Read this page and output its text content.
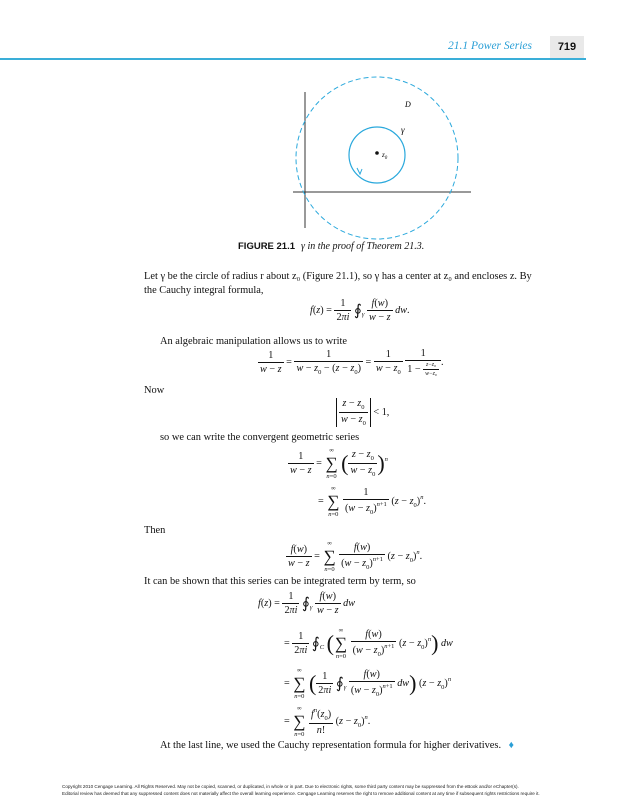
21.1 Power Series	719
D
γ
$z_0$
FIGURE 21.1 γ in the proof of Theorem 21.3.
Let γ be the circle of radius r about z₀ (Figure 21.1), so γ has a center at z₀ and encloses z. By
the Cauchy integral formula,
$f(z) = \frac{1}{2\pi i}$ $∮_\gamma \frac{f(w)}{w - z}$ dw.
An algebraic manipulation allows us to write
$\frac{1}{w - z} = \frac{1}{w - z_0 - (z - z_0)} = \frac{1}{w - z_0}$
$\frac{1}{1 - \frac{\text{z−z₀}}{\text{w−z₀}}}$ .
Now
$\frac{z - z_0}{w - z_0} < 1$,
so we can write the convergent geometric series
$\frac{1}{w - z}$ =
∞
∑
n=0
( $\frac{z - z_0}{w - z_0} )^n$
=
∞
∑
n=0
$\frac{1}{(w - z_0)^{n+1}} (z - z_0)^n$.
Then
$\frac{f(w)}{w - z}$ =
∞
∑
n=0
$\frac{f(w)}{(w - z_0)^{n+1}} (z - z_0)^n$.
It can be shown that this series can be integrated term by term, so
$f(z) = \frac{1}{2\pi i}$ $∮_\gamma \frac{f(w)}{w - z}$ dw
= $\frac{1}{2\pi i}$ $∮_C$ ( ∞
∑
n=0
$\frac{f(w)}{(w - z_0)^{n+1}} (z - z_0)^n$) dw
=
∞
∑
n=0
( $\frac{1}{2\pi i}$ $∮_\gamma \frac{f(w)}{(w - z_0)^{n+1}} dw$) $(z - z_0)^n$
=
∞
∑
n=0
$\frac{f^n(z_0)}{n!} (z - z_0)^n$.
At the last line, we used the Cauchy representation formula for higher derivatives. ♦
Copyright 2010 Cengage Learning. All Rights Reserved. May not be copied, scanned, or duplicated, in whole or in part. Due to electronic rights, some third party content may be suppressed from the eBook and/or eChapter(s).
Editorial review has deemed that any suppressed content does not materially affect the overall learning experience. Cengage Learning reserves the right to remove additional content at any time if subsequent rights restrictions require it.
